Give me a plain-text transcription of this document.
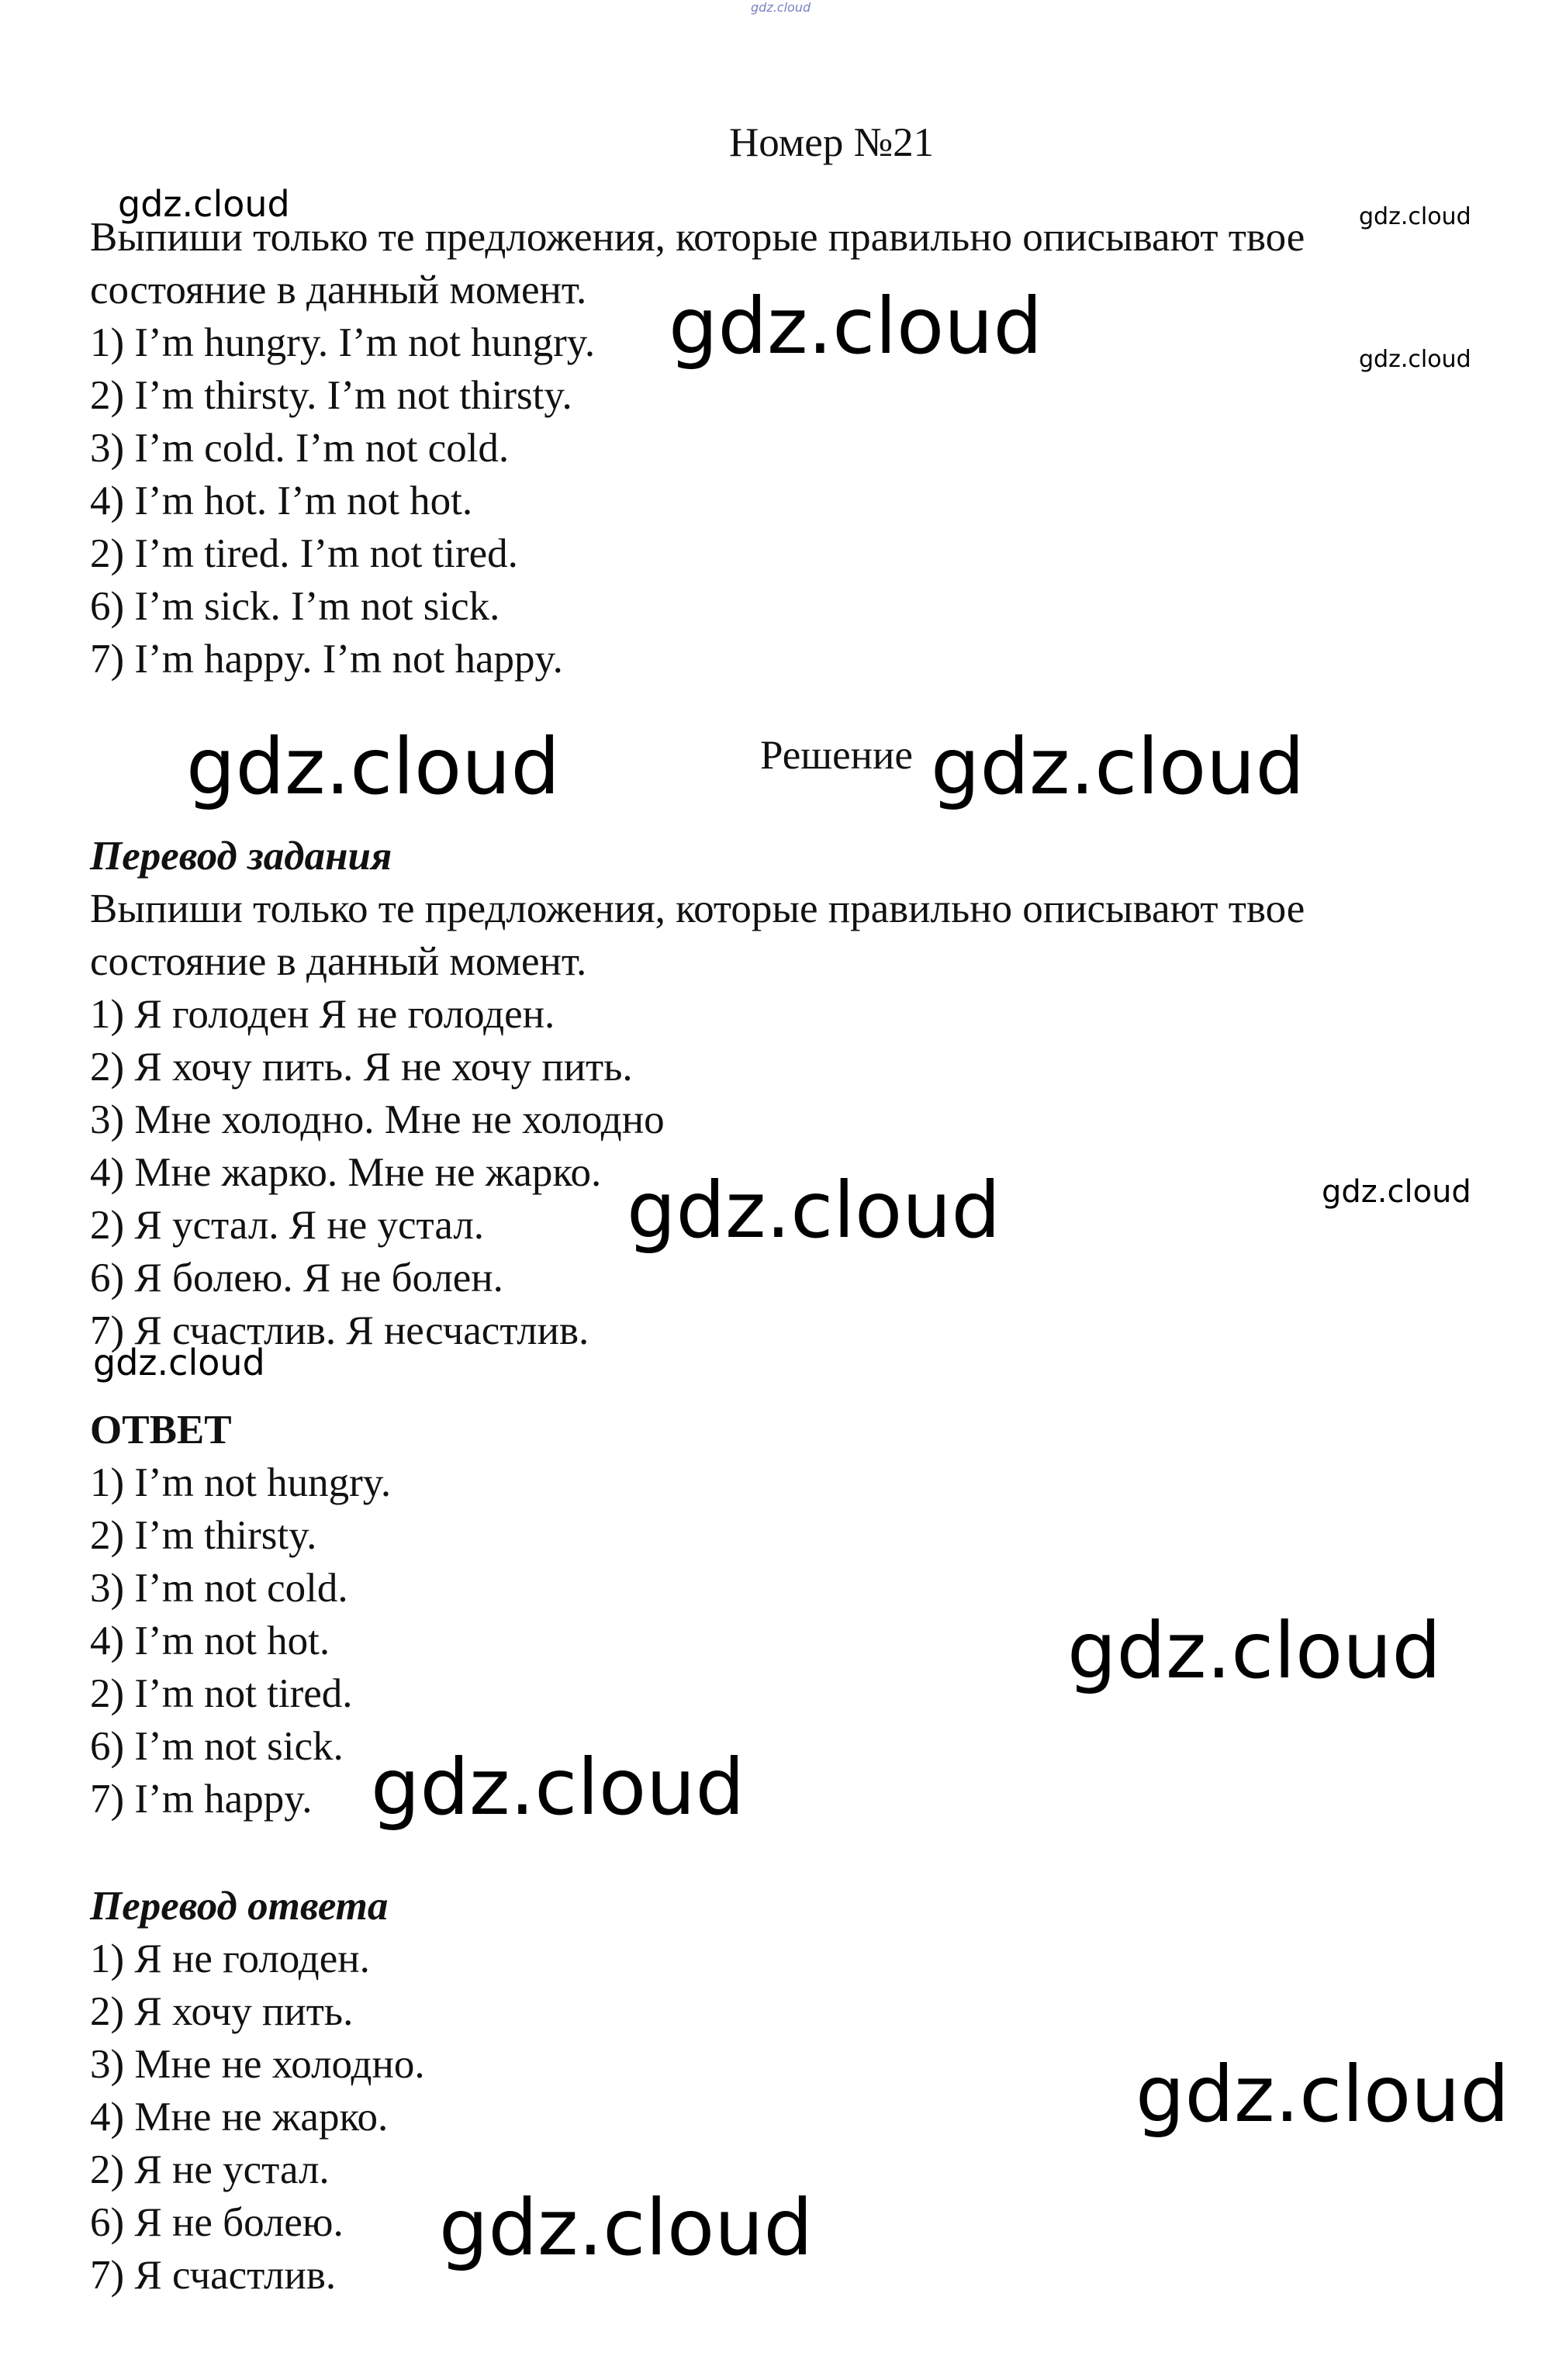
gdz.cloud
Номер №21
Выпиши только те предложения, которые правильно описывают твое
состояние в данный момент.
1) I’m hungry. I’m not hungry.
2) I’m thirsty. I’m not thirsty.
3) I’m cold. I’m not cold.
4) I’m hot. I’m not hot.
2) I’m tired. I’m not tired.
6) I’m sick. I’m not sick.
7) I’m happy. I’m not happy.
Решение
Перевод задания
Выпиши только те предложения, которые правильно описывают твое
состояние в данный момент.
1) Я голоден Я не голоден.
2) Я хочу пить. Я не хочу пить.
3) Мне холодно. Мне не холодно
4) Мне жарко. Мне не жарко.
2) Я устал. Я не устал.
6) Я болею. Я не болен.
7) Я счастлив. Я несчастлив.
ОТВЕТ
1) I’m not hungry.
2) I’m thirsty.
3) I’m not cold.
4) I’m not hot.
2) I’m not tired.
6) I’m not sick.
7) I’m happy.
Перевод ответа
1) Я не голоден.
2) Я хочу пить.
3) Мне не холодно.
4) Мне не жарко.
2) Я не устал.
6) Я не болею.
7) Я счастлив.
gdz.cloud	gdz.cloud
gdz.cloud	gdz.cloud
gdz.cloud	gdz.cloud
gdz.cloud	gdz.cloud
gdz.cloud
gdz.cloud
gdz.cloud
gdz.cloud
gdz.cloud
